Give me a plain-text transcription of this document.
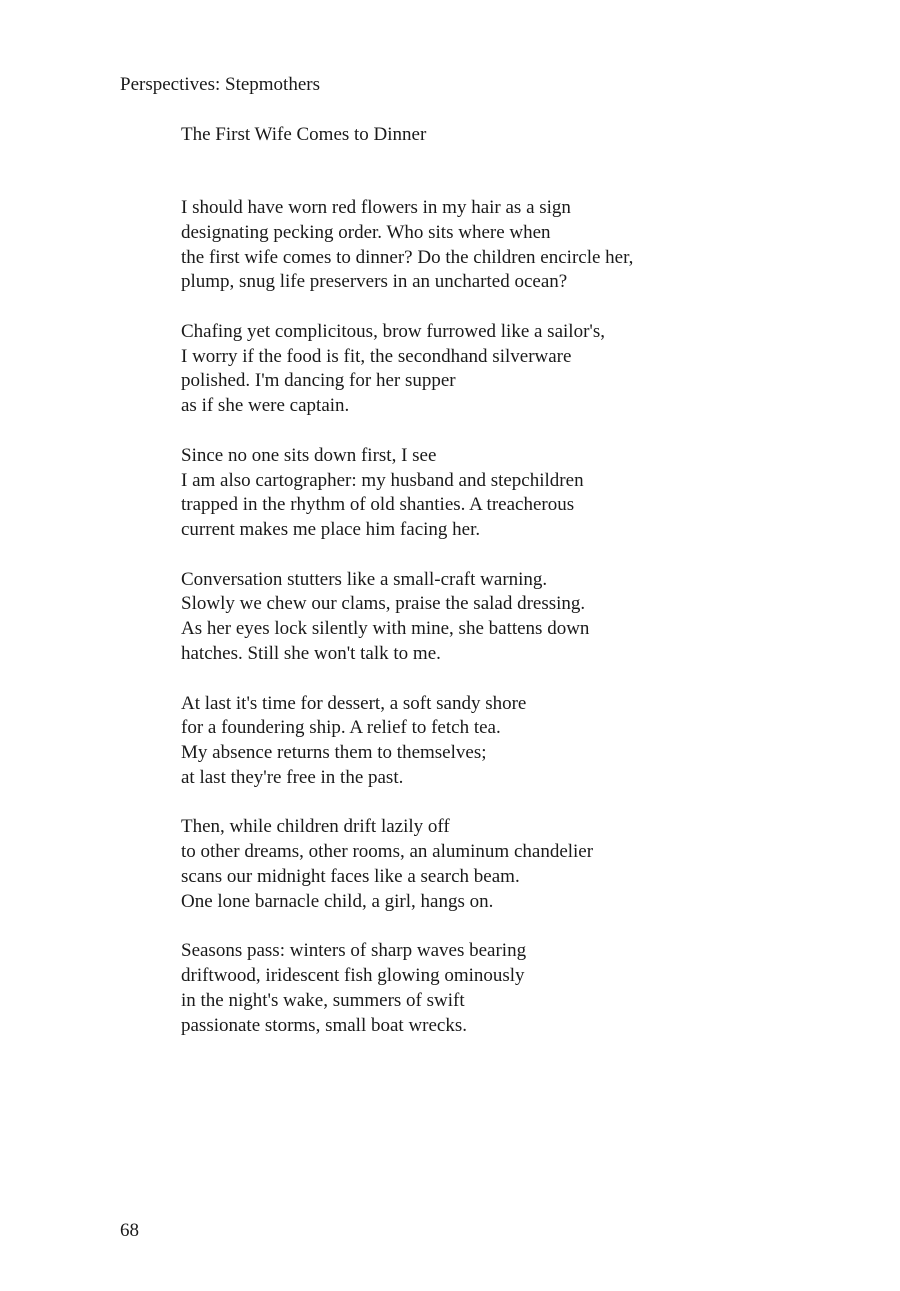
Perspectives: Stepmothers
The First Wife Comes to Dinner
I should have worn red flowers in my hair as a sign
designating pecking order. Who sits where when
the first wife comes to dinner? Do the children encircle her,
plump, snug life preservers in an uncharted ocean?
Chafing yet complicitous, brow furrowed like a sailor's,
I worry if the food is fit, the secondhand silverware
polished. I'm dancing for her supper
as if she were captain.
Since no one sits down first, I see
I am also cartographer: my husband and stepchildren
trapped in the rhythm of old shanties. A treacherous
current makes me place him facing her.
Conversation stutters like a small-craft warning.
Slowly we chew our clams, praise the salad dressing.
As her eyes lock silently with mine, she battens down
hatches. Still she won't talk to me.
At last it's time for dessert, a soft sandy shore
for a foundering ship. A relief to fetch tea.
My absence returns them to themselves;
at last they're free in the past.
Then, while children drift lazily off
to other dreams, other rooms, an aluminum chandelier
scans our midnight faces like a search beam.
One lone barnacle child, a girl, hangs on.
Seasons pass: winters of sharp waves bearing
driftwood, iridescent fish glowing ominously
in the night's wake, summers of swift
passionate storms, small boat wrecks.
68
